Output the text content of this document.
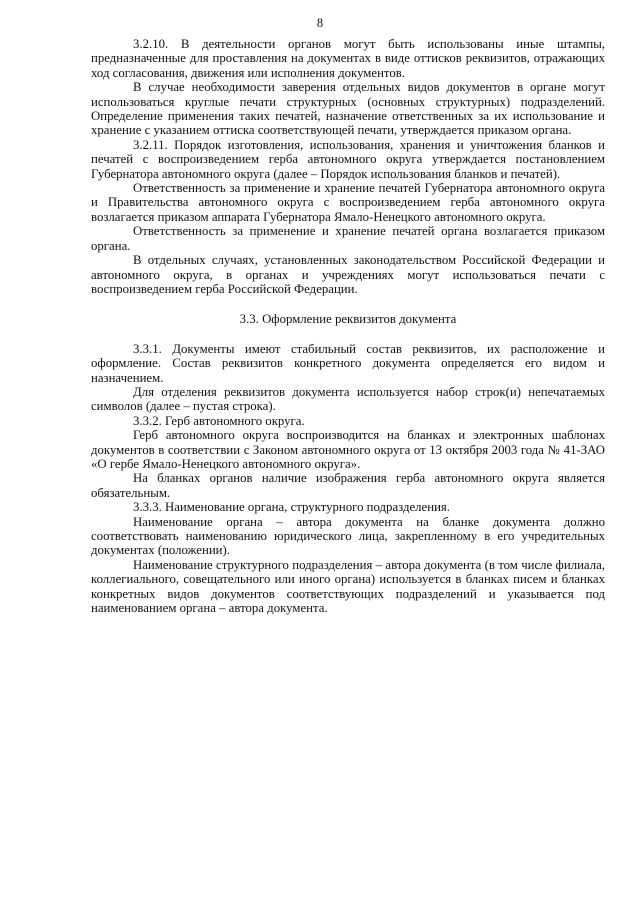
8

3.2.10. В деятельности органов могут быть использованы иные штампы, предназначенные для проставления на документах в виде оттисков реквизитов, отражающих ход согласования, движения или исполнения документов.

В случае необходимости заверения отдельных видов документов в органе могут использоваться круглые печати структурных (основных структурных) подразделений. Определение применения таких печатей, назначение ответственных за их использование и хранение с указанием оттиска соответствующей печати, утверждается приказом органа.

3.2.11. Порядок изготовления, использования, хранения и уничтожения бланков и печатей с воспроизведением герба автономного округа утверждается постановлением Губернатора автономного округа (далее – Порядок использования бланков и печатей).

Ответственность за применение и хранение печатей Губернатора автономного округа и Правительства автономного округа с воспроизведением герба автономного округа возлагается приказом аппарата Губернатора Ямало-Ненецкого автономного округа.

Ответственность за применение и хранение печатей органа возлагается приказом органа.

В отдельных случаях, установленных законодательством Российской Федерации и автономного округа, в органах и учреждениях могут использоваться печати с воспроизведением герба Российской Федерации.

3.3. Оформление реквизитов документа

3.3.1. Документы имеют стабильный состав реквизитов, их расположение и оформление. Состав реквизитов конкретного документа определяется его видом и назначением.

Для отделения реквизитов документа используется набор строк(и) непечатаемых символов (далее – пустая строка).

3.3.2. Герб автономного округа.

Герб автономного округа воспроизводится на бланках и электронных шаблонах документов в соответствии с Законом автономного округа от 13 октября 2003 года № 41-ЗАО «О гербе Ямало-Ненецкого автономного округа».

На бланках органов наличие изображения герба автономного округа является обязательным.

3.3.3. Наименование органа, структурного подразделения.

Наименование органа – автора документа на бланке документа должно соответствовать наименованию юридического лица, закрепленному в его учредительных документах (положении).

Наименование структурного подразделения – автора документа (в том числе филиала, коллегиального, совещательного или иного органа) используется в бланках писем и бланках конкретных видов документов соответствующих подразделений и указывается под наименованием органа – автора документа.
